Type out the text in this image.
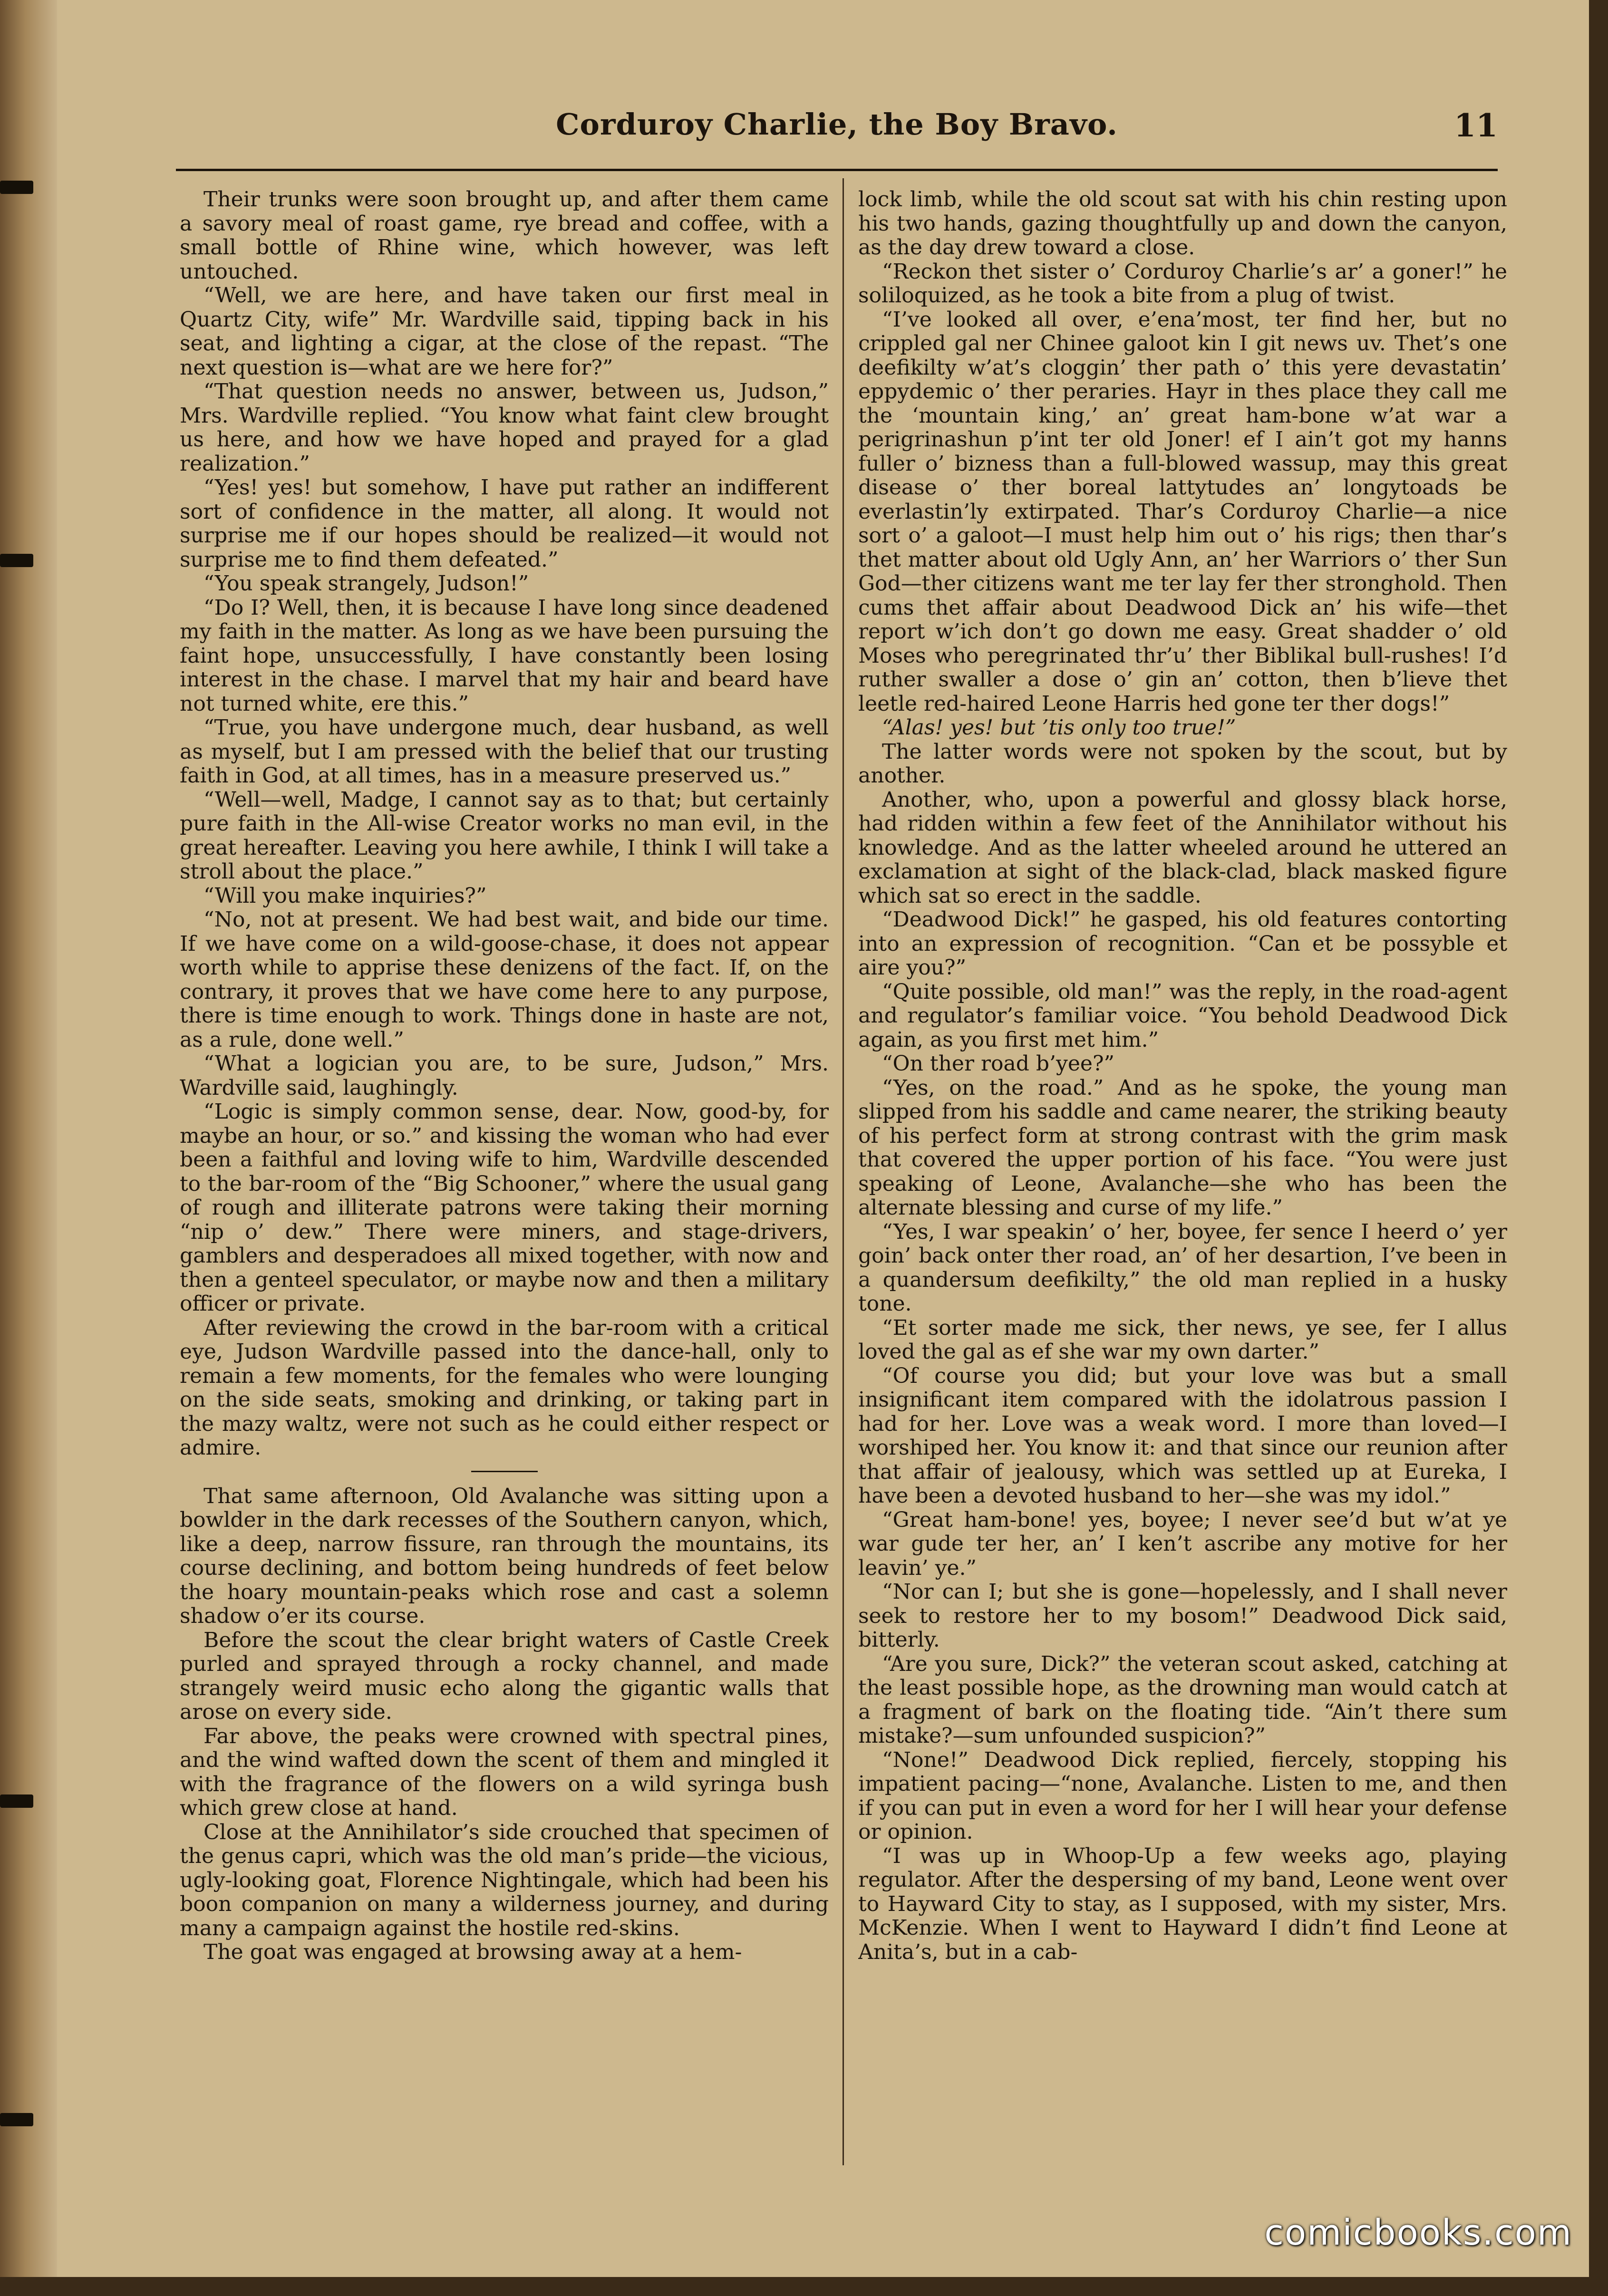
Corduroy Charlie, the Boy Bravo.	11

Their trunks were soon brought up, and after them came a savory meal of roast game, rye bread and coffee, with a small bottle of Rhine wine, which however, was left untouched.

“Well, we are here, and have taken our first meal in Quartz City, wife” Mr. Wardville said, tipping back in his seat, and lighting a cigar, at the close of the repast. “The next question is—what are we here for?”

“That question needs no answer, between us, Judson,” Mrs. Wardville replied. “You know what faint clew brought us here, and how we have hoped and prayed for a glad realization.”

“Yes! yes! but somehow, I have put rather an indifferent sort of confidence in the matter, all along. It would not surprise me if our hopes should be realized—it would not surprise me to find them defeated.”

“You speak strangely, Judson!”

“Do I? Well, then, it is because I have long since deadened my faith in the matter. As long as we have been pursuing the faint hope, unsuccessfully, I have constantly been losing interest in the chase. I marvel that my hair and beard have not turned white, ere this.”

“True, you have undergone much, dear husband, as well as myself, but I am pressed with the belief that our trusting faith in God, at all times, has in a measure preserved us.”

“Well—well, Madge, I cannot say as to that; but certainly pure faith in the All-wise Creator works no man evil, in the great hereafter. Leaving you here awhile, I think I will take a stroll about the place.”

“Will you make inquiries?”

“No, not at present. We had best wait, and bide our time. If we have come on a wild-goose-chase, it does not appear worth while to apprise these denizens of the fact. If, on the contrary, it proves that we have come here to any purpose, there is time enough to work. Things done in haste are not, as a rule, done well.”

“What a logician you are, to be sure, Judson,” Mrs. Wardville said, laughingly.

“Logic is simply common sense, dear. Now, good-by, for maybe an hour, or so.” and kissing the woman who had ever been a faithful and loving wife to him, Wardville descended to the bar-room of the “Big Schooner,” where the usual gang of rough and illiterate patrons were taking their morning “nip o’ dew.” There were miners, and stage-drivers, gamblers and desperadoes all mixed together, with now and then a genteel speculator, or maybe now and then a military officer or private.

After reviewing the crowd in the bar-room with a critical eye, Judson Wardville passed into the dance-hall, only to remain a few moments, for the females who were lounging on the side seats, smoking and drinking, or taking part in the mazy waltz, were not such as he could either respect or admire.

That same afternoon, Old Avalanche was sitting upon a bowlder in the dark recesses of the Southern canyon, which, like a deep, narrow fissure, ran through the mountains, its course declining, and bottom being hundreds of feet below the hoary mountain-peaks which rose and cast a solemn shadow o’er its course.

Before the scout the clear bright waters of Castle Creek purled and sprayed through a rocky channel, and made strangely weird music echo along the gigantic walls that arose on every side.

Far above, the peaks were crowned with spectral pines, and the wind wafted down the scent of them and mingled it with the fragrance of the flowers on a wild syringa bush which grew close at hand.

Close at the Annihilator’s side crouched that specimen of the genus capri, which was the old man’s pride—the vicious, ugly-looking goat, Florence Nightingale, which had been his boon companion on many a wilderness journey, and during many a campaign against the hostile red-skins.

The goat was engaged at browsing away at a hem-

lock limb, while the old scout sat with his chin resting upon his two hands, gazing thoughtfully up and down the canyon, as the day drew toward a close.

“Reckon thet sister o’ Corduroy Charlie’s ar’ a goner!” he soliloquized, as he took a bite from a plug of twist.

“I’ve looked all over, e’ena’most, ter find her, but no crippled gal ner Chinee galoot kin I git news uv. Thet’s one deefikilty w’at’s cloggin’ ther path o’ this yere devastatin’ eppydemic o’ ther peraries. Hayr in thes place they call me the ‘mountain king,’ an’ great ham-bone w’at war a perigrinashun p’int ter old Joner! ef I ain’t got my hanns fuller o’ bizness than a full-blowed wassup, may this great disease o’ ther boreal lattytudes an’ longytoads be everlastin’ly extirpated. Thar’s Corduroy Charlie—a nice sort o’ a galoot—I must help him out o’ his rigs; then thar’s thet matter about old Ugly Ann, an’ her Warriors o’ ther Sun God—ther citizens want me ter lay fer ther stronghold. Then cums thet affair about Deadwood Dick an’ his wife—thet report w’ich don’t go down me easy. Great shadder o’ old Moses who peregrinated thr’u’ ther Biblikal bull-rushes! I’d ruther swaller a dose o’ gin an’ cotton, then b’lieve thet leetle red-haired Leone Harris hed gone ter ther dogs!”

“Alas! yes! but ’tis only too true!”

The latter words were not spoken by the scout, but by another.

Another, who, upon a powerful and glossy black horse, had ridden within a few feet of the Annihilator without his knowledge. And as the latter wheeled around he uttered an exclamation at sight of the black-clad, black masked figure which sat so erect in the saddle.

“Deadwood Dick!” he gasped, his old features contorting into an expression of recognition. “Can et be possyble et aire you?”

“Quite possible, old man!” was the reply, in the road-agent and regulator’s familiar voice. “You behold Deadwood Dick again, as you first met him.”

“On ther road b’yee?”

“Yes, on the road.” And as he spoke, the young man slipped from his saddle and came nearer, the striking beauty of his perfect form at strong contrast with the grim mask that covered the upper portion of his face. “You were just speaking of Leone, Avalanche—she who has been the alternate blessing and curse of my life.”

“Yes, I war speakin’ o’ her, boyee, fer sence I heerd o’ yer goin’ back onter ther road, an’ of her desartion, I’ve been in a quandersum deefikilty,” the old man replied in a husky tone.

“Et sorter made me sick, ther news, ye see, fer I allus loved the gal as ef she war my own darter.”

“Of course you did; but your love was but a small insignificant item compared with the idolatrous passion I had for her. Love was a weak word. I more than loved—I worshiped her. You know it: and that since our reunion after that affair of jealousy, which was settled up at Eureka, I have been a devoted husband to her—she was my idol.”

“Great ham-bone! yes, boyee; I never see’d but w’at ye war gude ter her, an’ I ken’t ascribe any motive for her leavin’ ye.”

“Nor can I; but she is gone—hopelessly, and I shall never seek to restore her to my bosom!” Deadwood Dick said, bitterly.

“Are you sure, Dick?” the veteran scout asked, catching at the least possible hope, as the drowning man would catch at a fragment of bark on the floating tide. “Ain’t there sum mistake?—sum unfounded suspicion?”

“None!” Deadwood Dick replied, fiercely, stopping his impatient pacing—“none, Avalanche. Listen to me, and then if you can put in even a word for her I will hear your defense or opinion.

“I was up in Whoop-Up a few weeks ago, playing regulator. After the despersing of my band, Leone went over to Hayward City to stay, as I supposed, with my sister, Mrs. McKenzie. When I went to Hayward I didn’t find Leone at Anita’s, but in a cab-

comicbooks.com
